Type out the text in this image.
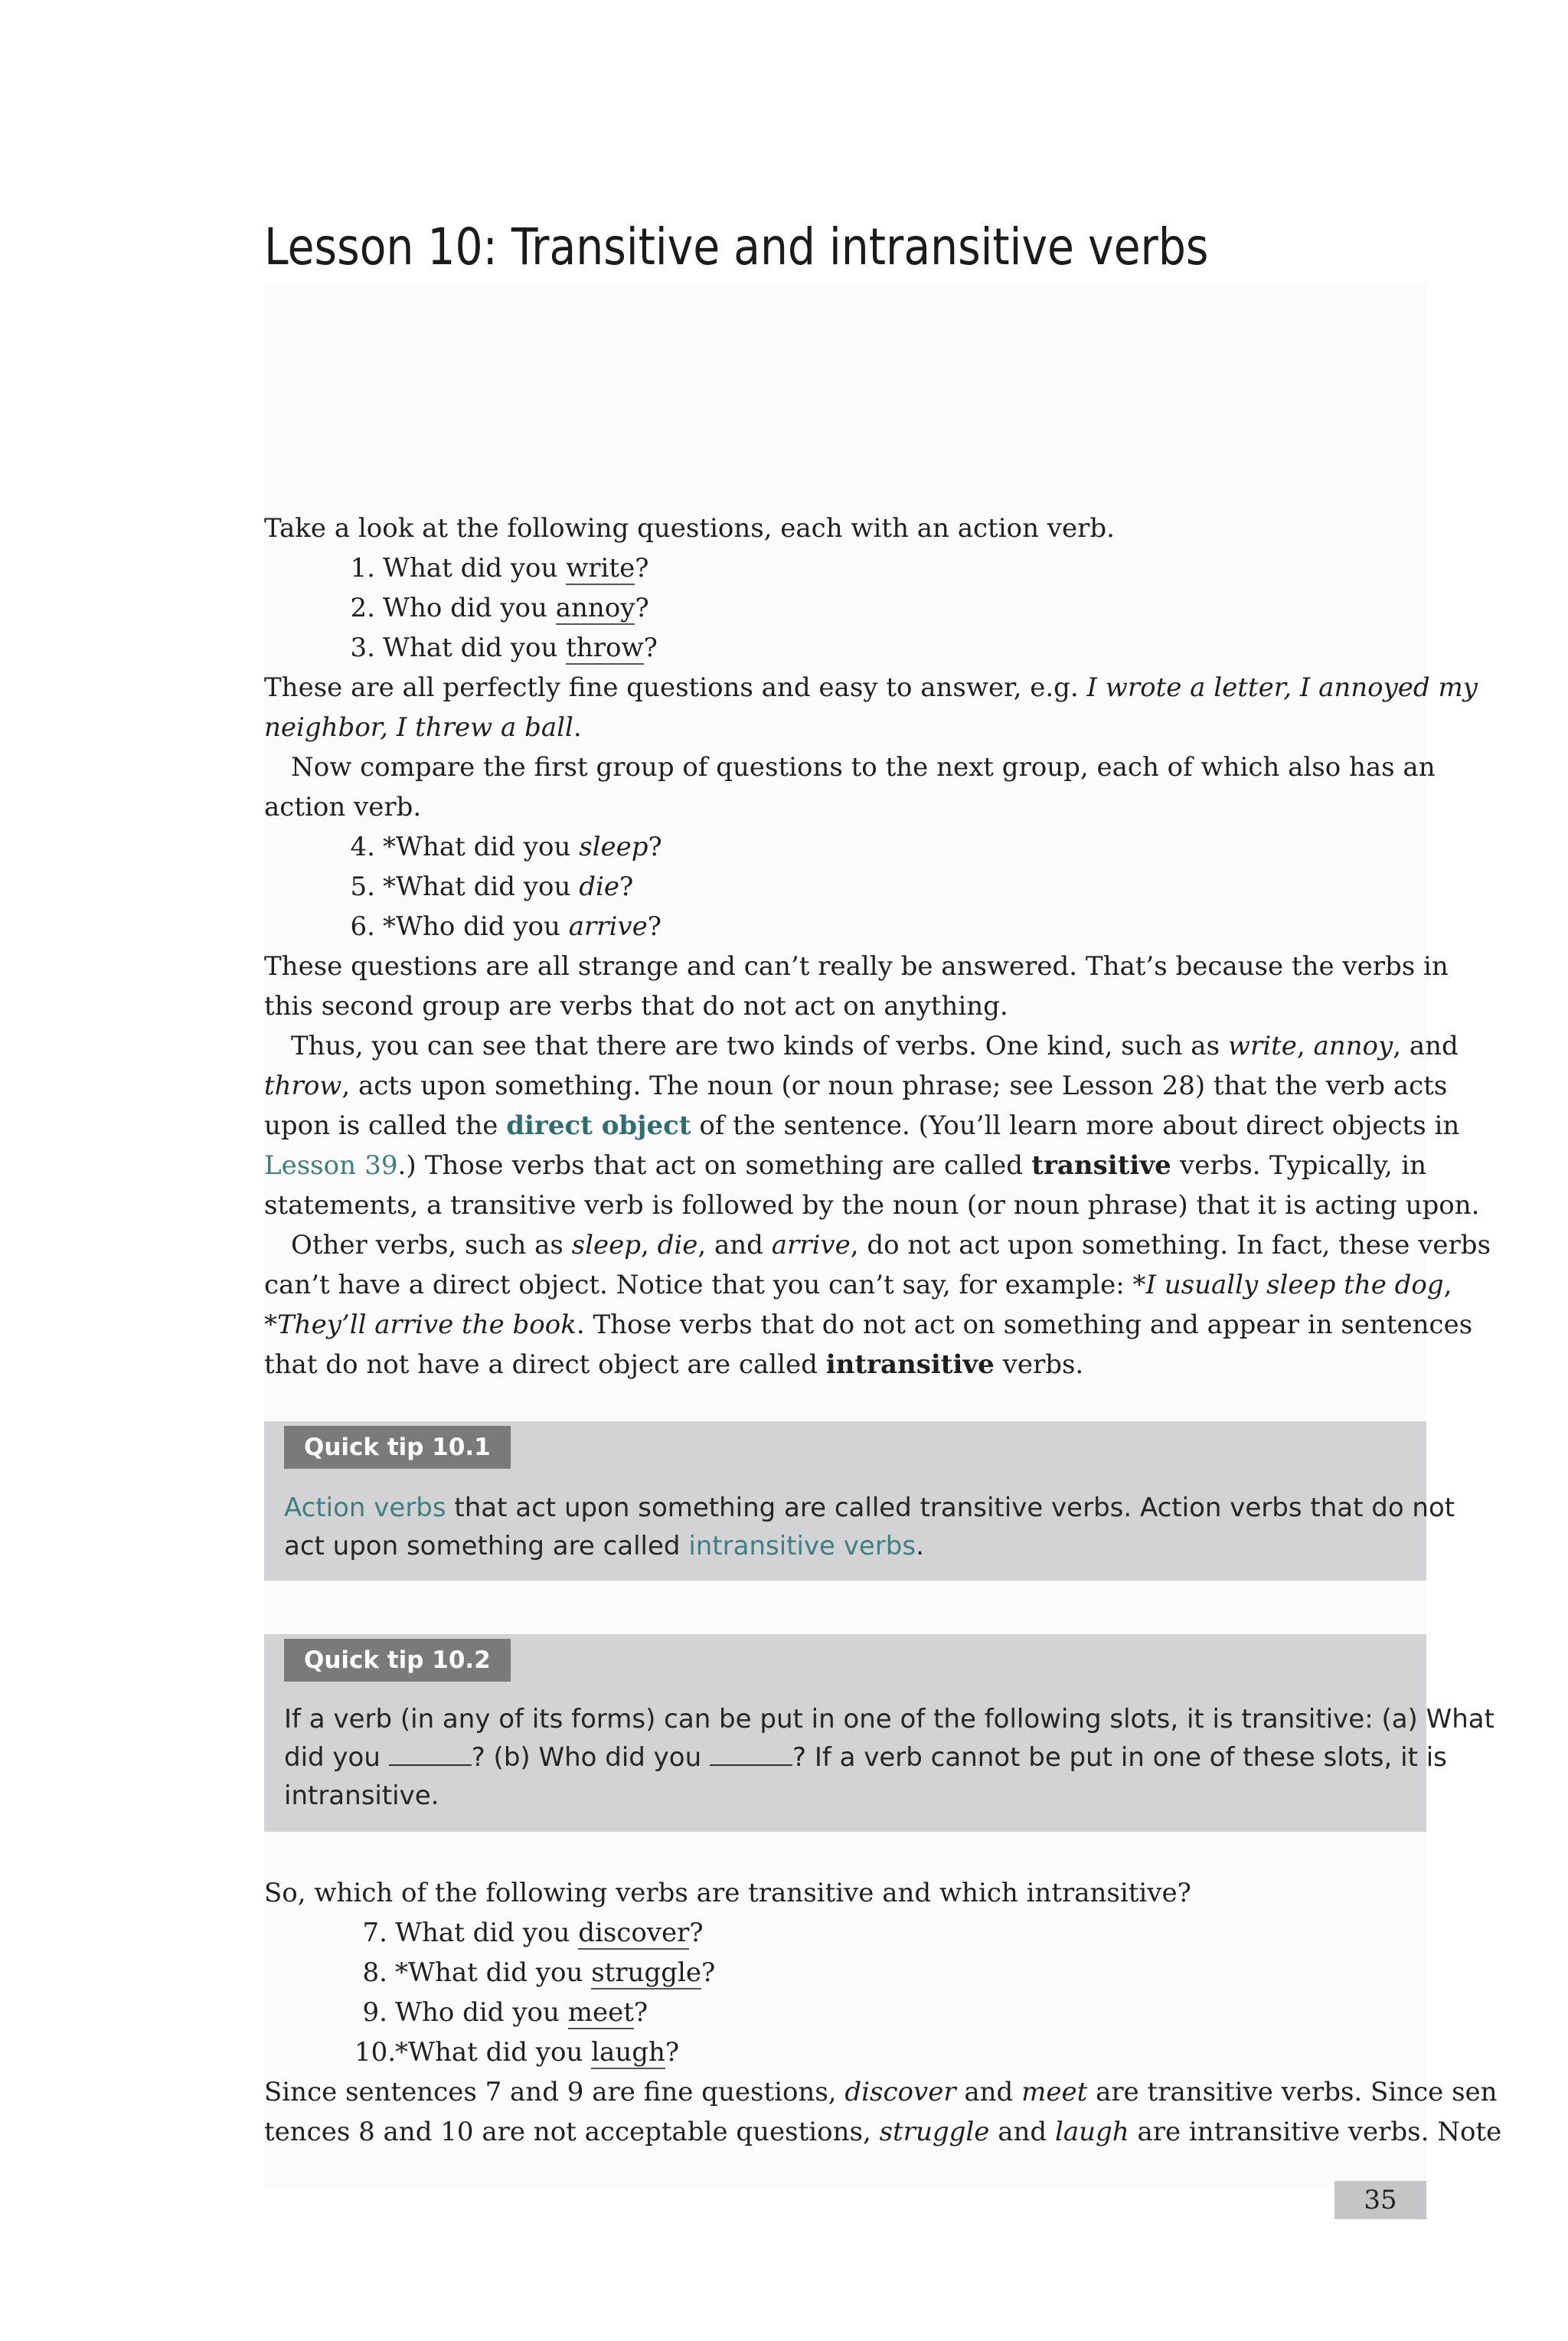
Lesson 10: Transitive and intransitive verbs
Take a look at the following questions, each with an action verb.
1. What did you write?
2. Who did you annoy?
3. What did you throw?
These are all perfectly fine questions and easy to answer, e.g. I wrote a letter, I annoyed my
neighbor, I threw a ball.
Now compare the first group of questions to the next group, each of which also has an
action verb.
4. *What did you sleep?
5. *What did you die?
6. *Who did you arrive?
These questions are all strange and can’t really be answered. That’s because the verbs in
this second group are verbs that do not act on anything.
Thus, you can see that there are two kinds of verbs. One kind, such as write, annoy, and
throw, acts upon something. The noun (or noun phrase; see Lesson 28) that the verb acts
upon is called the direct object of the sentence. (You’ll learn more about direct objects in
Lesson 39.) Those verbs that act on something are called transitive verbs. Typically, in
statements, a transitive verb is followed by the noun (or noun phrase) that it is acting upon.
Other verbs, such as sleep, die, and arrive, do not act upon something. In fact, these verbs
can’t have a direct object. Notice that you can’t say, for example: *I usually sleep the dog,
*They’ll arrive the book. Those verbs that do not act on something and appear in sentences
that do not have a direct object are called intransitive verbs.
Quick tip 10.1
Action verbs that act upon something are called transitive verbs. Action verbs that do not
act upon something are called intransitive verbs.
Quick tip 10.2
If a verb (in any of its forms) can be put in one of the following slots, it is transitive: (a) What
did you	? (b) Who did you	? If a verb cannot be put in one of these slots, it is
intransitive.
So, which of the following verbs are transitive and which intransitive?
7. What did you discover?
8. *What did you struggle?
9. Who did you meet?
10.*What did you laugh?
Since sentences 7 and 9 are fine questions, discover and meet are transitive verbs. Since sen
tences 8 and 10 are not acceptable questions, struggle and laugh are intransitive verbs. Note
35
